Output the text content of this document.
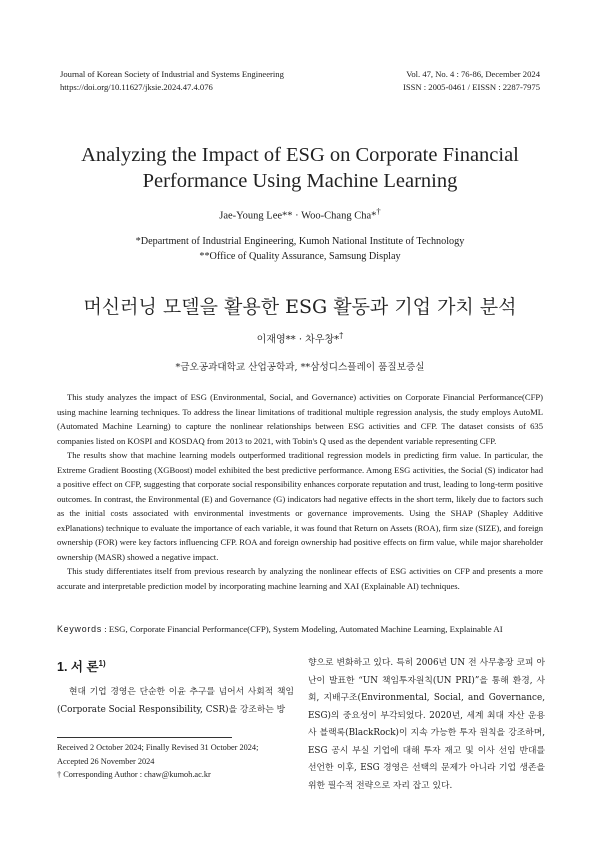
Journal of Korean Society of Industrial and Systems Engineering
https://doi.org/10.11627/jksie.2024.47.4.076
Vol. 47, No. 4 : 76-86, December 2024
ISSN : 2005-0461 / EISSN : 2287-7975
Analyzing the Impact of ESG on Corporate Financial
Performance Using Machine Learning
Jae-Young Lee** · Woo-Chang Cha*†
*Department of Industrial Engineering, Kumoh National Institute of Technology
**Office of Quality Assurance, Samsung Display
머신러닝 모델을 활용한 ESG 활동과 기업 가치 분석
이재영** · 차우창*†
*금오공과대학교 산업공학과, **삼성디스플레이 품질보증실

This study analyzes the impact of ESG (Environmental, Social, and Governance) activities on Corporate Financial Performance(CFP) using machine learning techniques. To address the linear limitations of traditional multiple regression analysis, the study employs AutoML (Automated Machine Learning) to capture the nonlinear relationships between ESG activities and CFP. The dataset consists of 635 companies listed on KOSPI and KOSDAQ from 2013 to 2021, with Tobin's Q used as the dependent variable representing CFP.

The results show that machine learning models outperformed traditional regression models in predicting firm value. In particular, the Extreme Gradient Boosting (XGBoost) model exhibited the best predictive performance. Among ESG activities, the Social (S) indicator had a positive effect on CFP, suggesting that corporate social responsibility enhances corporate reputation and trust, leading to long-term positive outcomes. In contrast, the Environmental (E) and Governance (G) indicators had negative effects in the short term, likely due to factors such as the initial costs associated with environmental investments or governance improvements. Using the SHAP (Shapley Additive exPlanations) technique to evaluate the importance of each variable, it was found that Return on Assets (ROA), firm size (SIZE), and foreign ownership (FOR) were key factors influencing CFP. ROA and foreign ownership had positive effects on firm value, while major shareholder ownership (MASR) showed a negative impact.

This study differentiates itself from previous research by analyzing the nonlinear effects of ESG activities on CFP and presents a more accurate and interpretable prediction model by incorporating machine learning and XAI (Explainable AI) techniques.

Keywords : ESG, Corporate Financial Performance(CFP), System Modeling, Automated Machine Learning, Explainable AI
1. 서 론$^{1)}$

현대 기업 경영은 단순한 이윤 추구를 넘어서 사회적 책임(Corporate Social Responsibility, CSR)을 강조하는 방

향으로 변화하고 있다. 특히 2006년 UN 전 사무총장 코피 아난이 발표한 “UN 책임투자원칙(UN PRI)”을 통해 환경, 사회, 지배구조(Environmental, Social, and Governance, ESG)의 중요성이 부각되었다. 2020년, 세계 최대 자산 운용사 블랙록(BlackRock)이 지속 가능한 투자 원칙을 강조하며, ESG 공시 부실 기업에 대해 투자 재고 및 이사 선임 반대를 선언한 이후, ESG 경영은 선택의 문제가 아니라 기업 생존을 위한 필수적 전략으로 자리 잡고 있다.

Received 2 October 2024; Finally Revised 31 October 2024;
Accepted 26 November 2024
† Corresponding Author : chaw@kumoh.ac.kr
